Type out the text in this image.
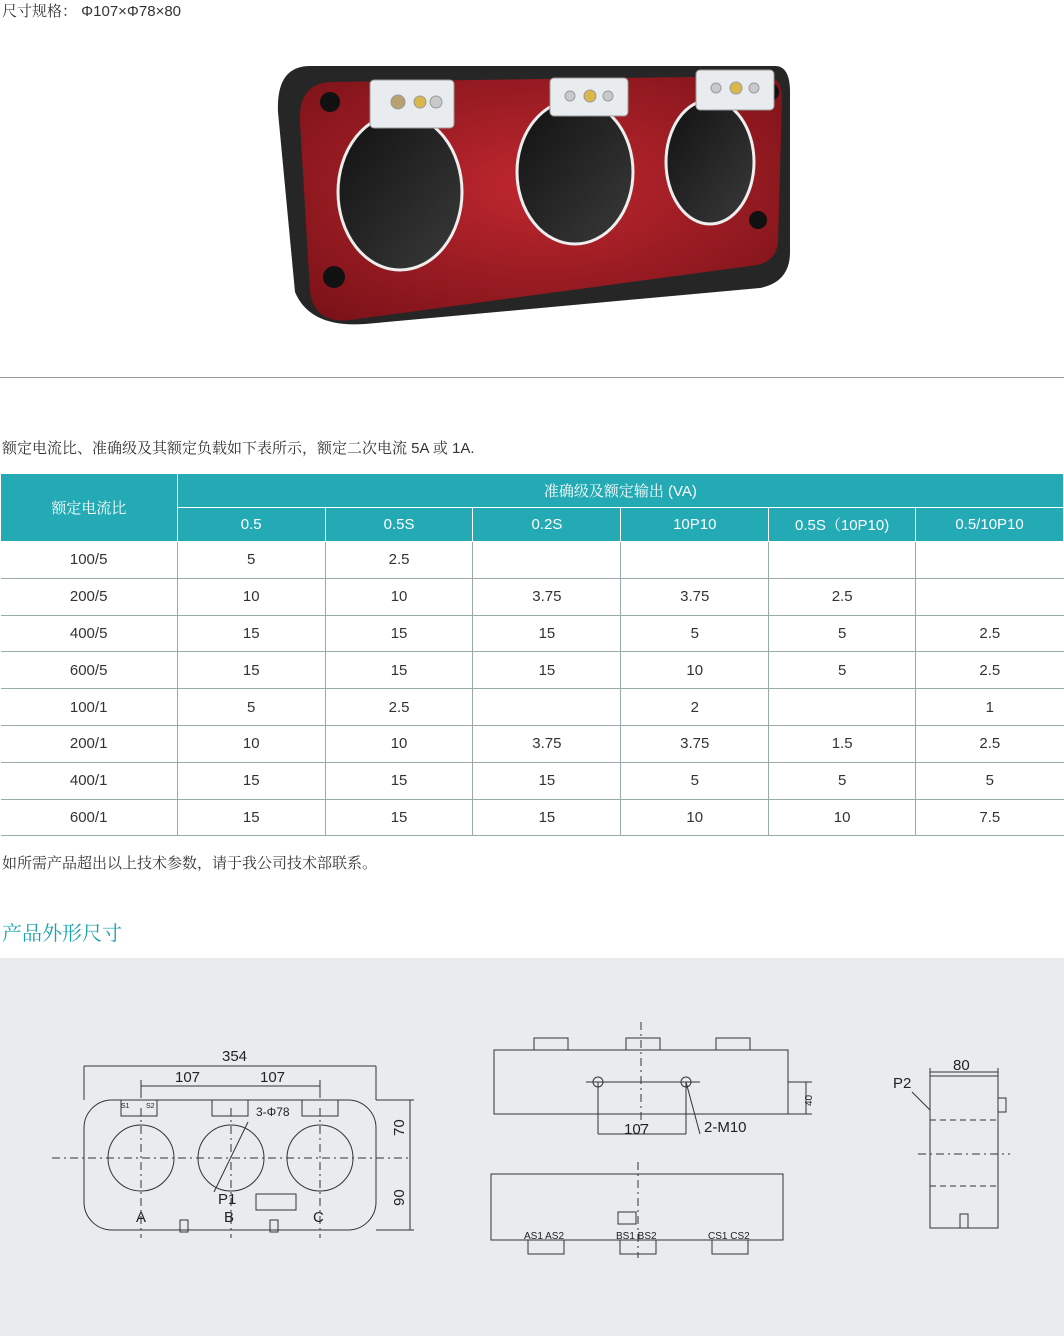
尺寸规格： Φ107×Φ78×80
额定电流比、准确级及其额定负载如下表所示，额定二次电流 5A 或 1A.
额定电流比	准确级及额定输出 (VA)					
	0.5	0.5S	0.2S	10P10	0.5S（10P10)	0.5/10P10
100/5	5	2.5				
200/5	10	10	3.75	3.75	2.5	
400/5	15	15	15	5	5	2.5
600/5	15	15	15	10	5	2.5
100/1	5	2.5		2		1
200/1	10	10	3.75	3.75	1.5	2.5
400/1	15	15	15	5	5	5
600/1	15	15	15	10	10	7.5
如所需产品超出以上技术参数，请于我公司技术部联系。
产品外形尺寸
354
107	107
3-Φ78
P1
A	B	C
S1 S2
70
90
107	2-M10
40
AS1 AS2	BS1 BS2	CS1 CS2
80
P2
